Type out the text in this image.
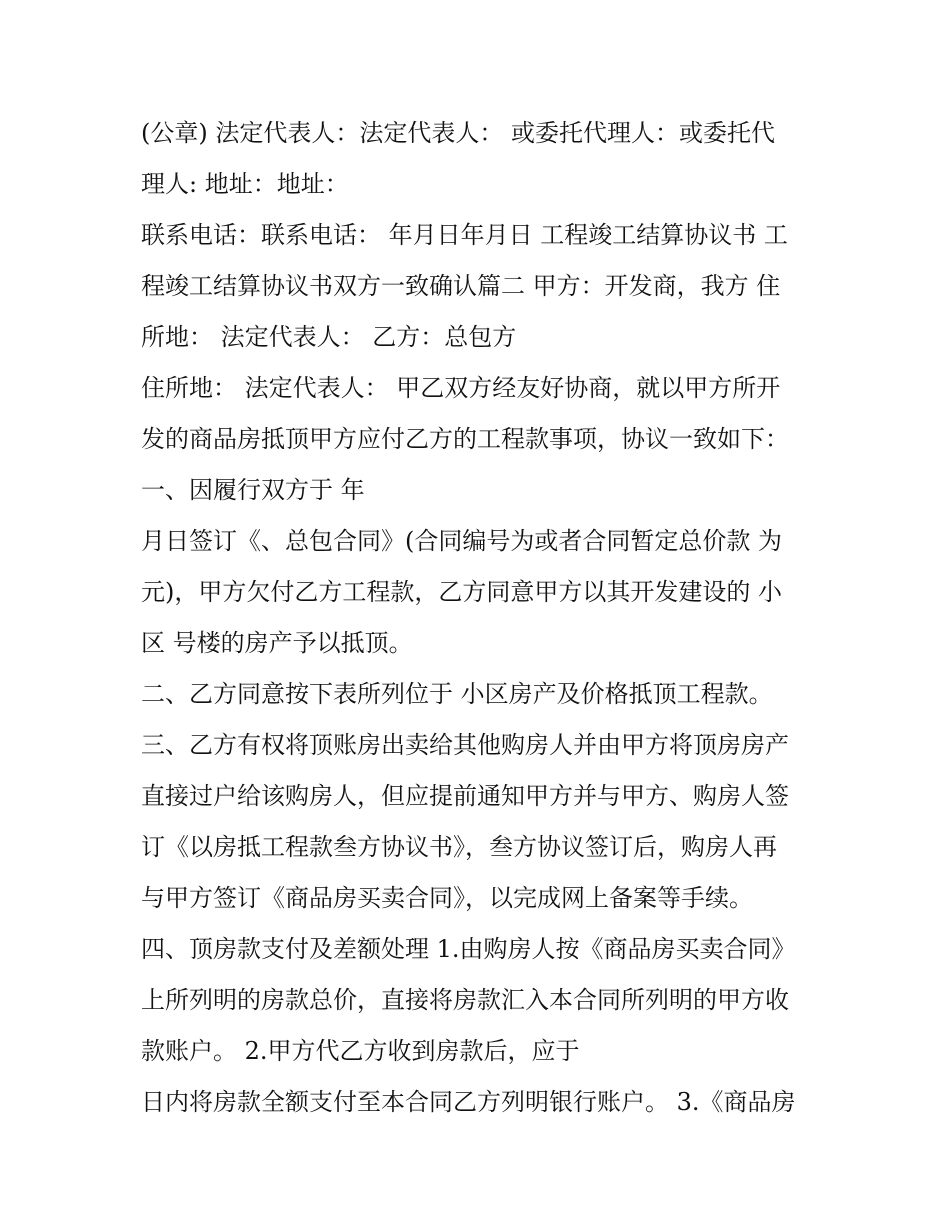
(公章) 法定代表人：法定代表人： 或委托代理人：或委托代
理人: 地址：地址：
联系电话：联系电话： 年月日年月日 工程竣工结算协议书 工
程竣工结算协议书双方一致确认篇二 甲方：开发商，我方 住
所地： 法定代表人： 乙方：总包方
住所地： 法定代表人： 甲乙双方经友好协商，就以甲方所开
发的商品房抵顶甲方应付乙方的工程款事项，协议一致如下：
一、因履行双方于 年
月日签订《、总包合同》(合同编号为或者合同暂定总价款 为
元)，甲方欠付乙方工程款，乙方同意甲方以其开发建设的 小
区 号楼的房产予以抵顶。
二、乙方同意按下表所列位于 小区房产及价格抵顶工程款。
三、乙方有权将顶账房出卖给其他购房人并由甲方将顶房房产
直接过户给该购房人，但应提前通知甲方并与甲方、购房人签
订《以房抵工程款叁方协议书》，叁方协议签订后，购房人再
与甲方签订《商品房买卖合同》，以完成网上备案等手续。
四、顶房款支付及差额处理 1.由购房人按《商品房买卖合同》
上所列明的房款总价，直接将房款汇入本合同所列明的甲方收
款账户。 2.甲方代乙方收到房款后，应于
日内将房款全额支付至本合同乙方列明银行账户。 3.《商品房
